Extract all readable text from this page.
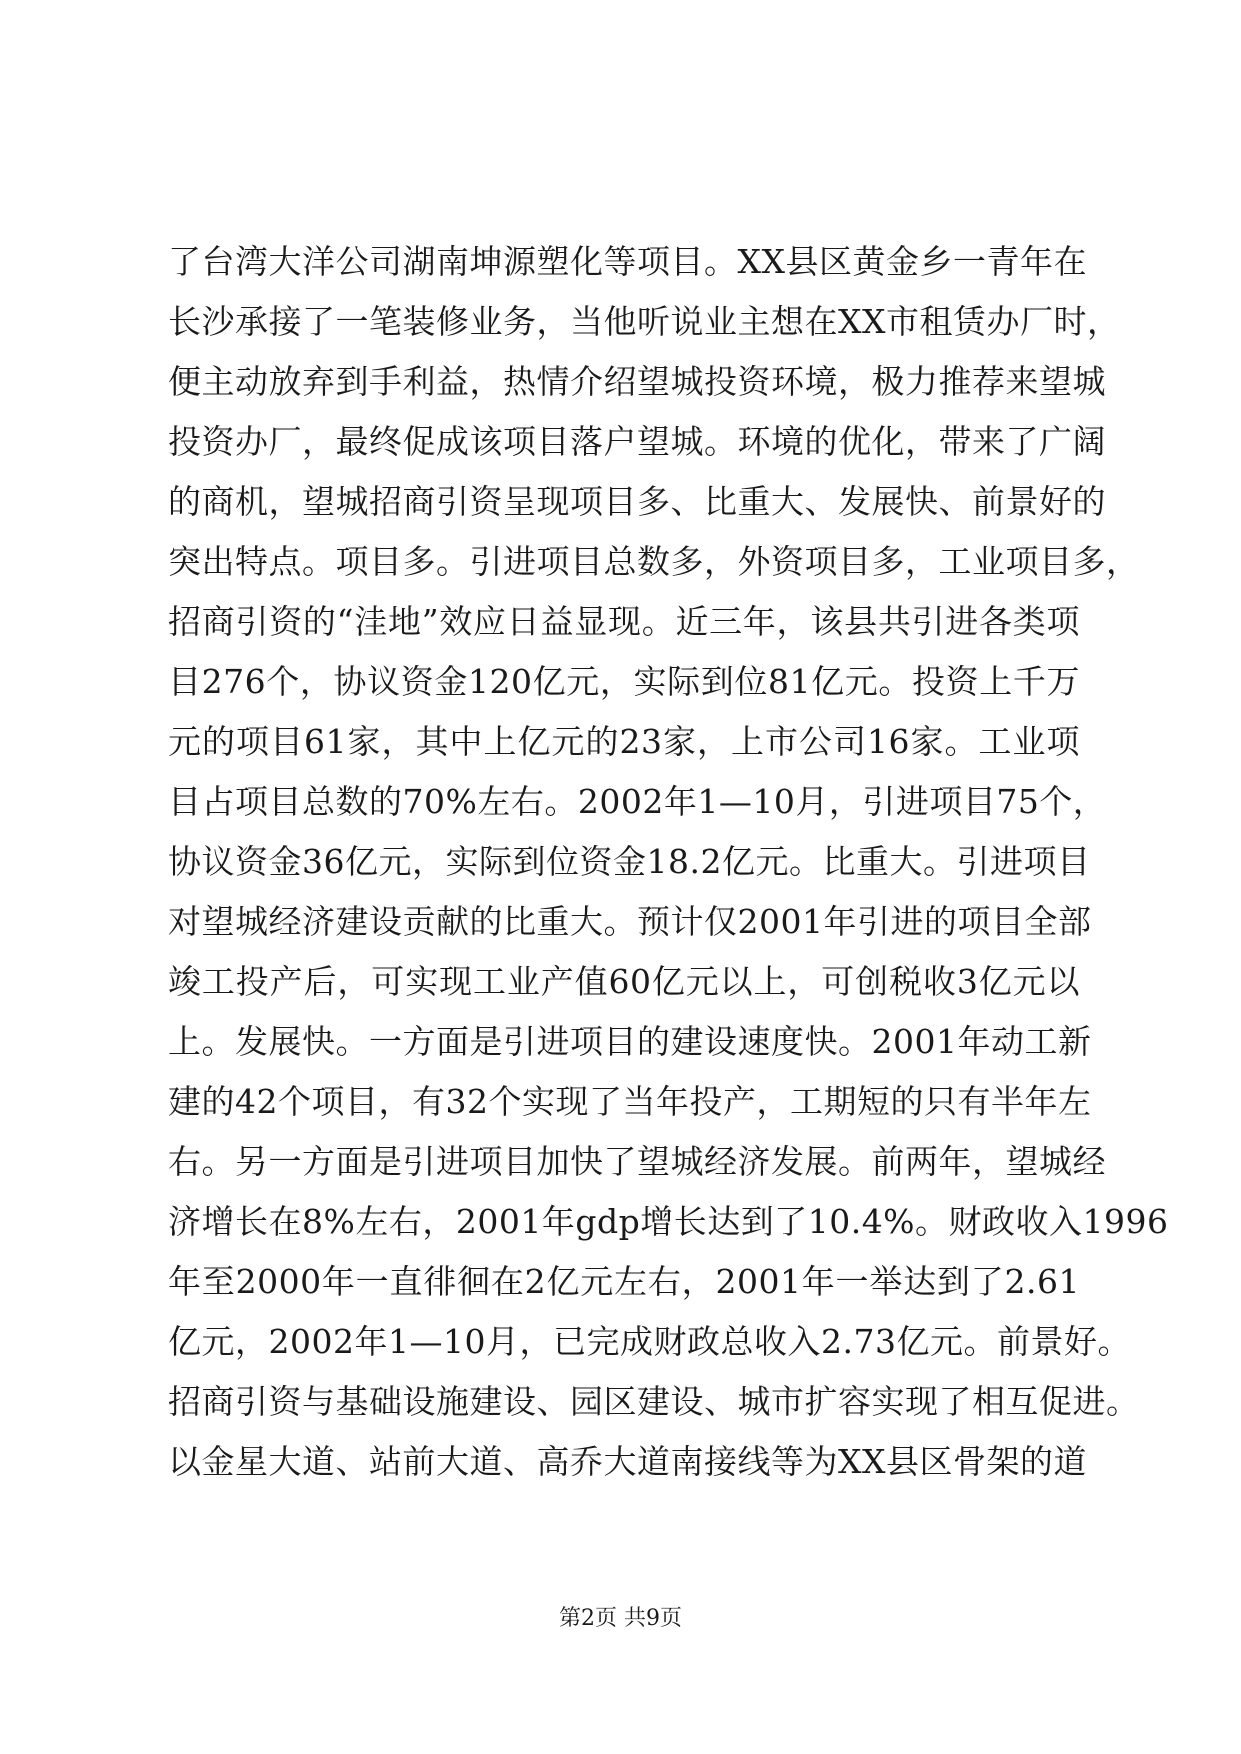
了台湾大洋公司湖南坤源塑化等项目。XX县区黄金乡一青年在
长沙承接了一笔装修业务，当他听说业主想在XX市租赁办厂时，
便主动放弃到手利益，热情介绍望城投资环境，极力推荐来望城
投资办厂，最终促成该项目落户望城。环境的优化，带来了广阔
的商机，望城招商引资呈现项目多、比重大、发展快、前景好的
突出特点。项目多。引进项目总数多，外资项目多，工业项目多，
招商引资的“洼地”效应日益显现。近三年，该县共引进各类项
目276个，协议资金120亿元，实际到位81亿元。投资上千万
元的项目61家，其中上亿元的23家，上市公司16家。工业项
目占项目总数的70%左右。2002年1—10月，引进项目75个，
协议资金36亿元，实际到位资金18.2亿元。比重大。引进项目
对望城经济建设贡献的比重大。预计仅2001年引进的项目全部
竣工投产后，可实现工业产值60亿元以上，可创税收3亿元以
上。发展快。一方面是引进项目的建设速度快。2001年动工新
建的42个项目，有32个实现了当年投产，工期短的只有半年左
右。另一方面是引进项目加快了望城经济发展。前两年，望城经
济增长在8%左右，2001年gdp增长达到了10.4%。财政收入1996
年至2000年一直徘徊在2亿元左右，2001年一举达到了2.61
亿元，2002年1—10月，已完成财政总收入2.73亿元。前景好。
招商引资与基础设施建设、园区建设、城市扩容实现了相互促进。
以金星大道、站前大道、高乔大道南接线等为XX县区骨架的道
第2页 共9页
